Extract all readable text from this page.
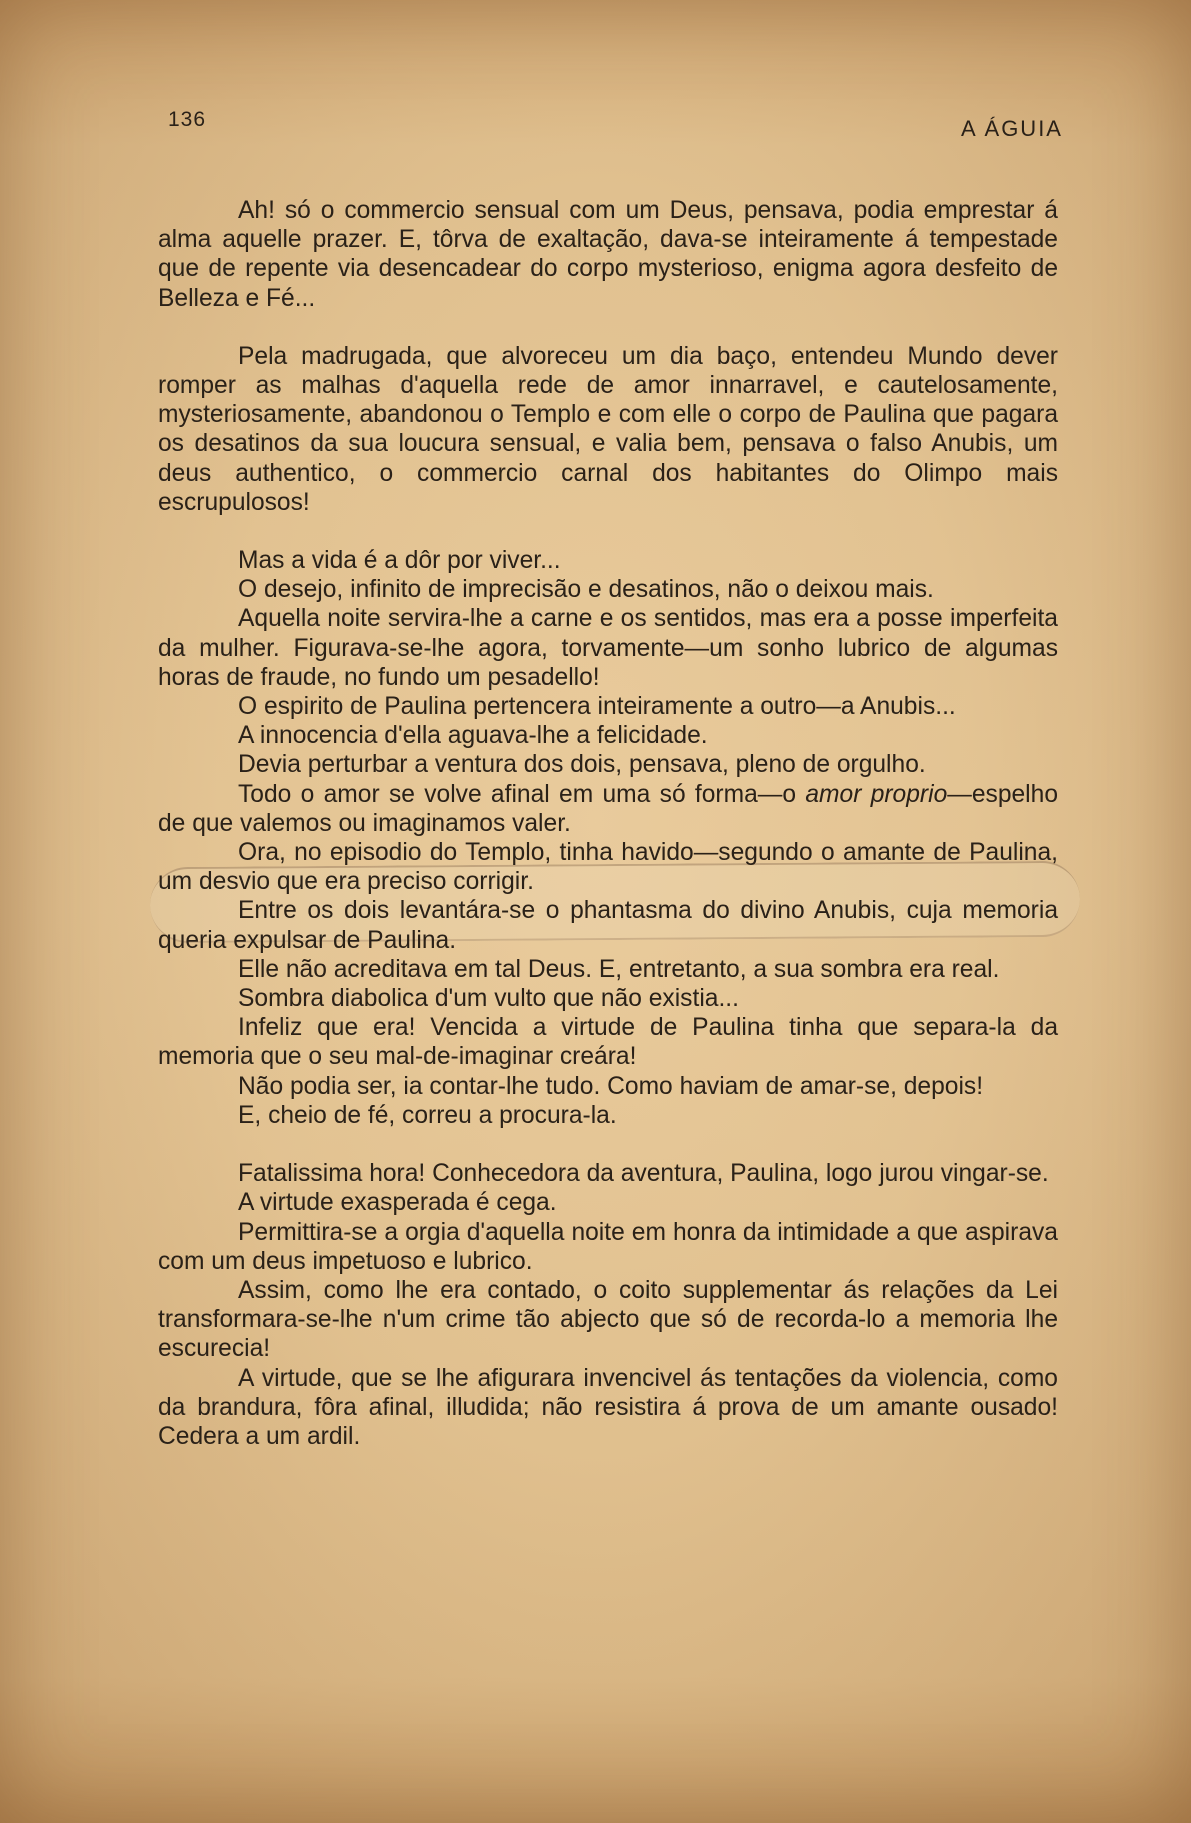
136	A ÁGUIA

Ah! só o commercio sensual com um Deus, pensava, podia emprestar á alma aquelle prazer. E, tôrva de exaltação, dava-se inteiramente á tempestade que de repente via desencadear do corpo mysterioso, enigma agora desfeito de Belleza e Fé...

Pela madrugada, que alvoreceu um dia baço, entendeu Mundo dever romper as malhas d'aquella rede de amor innarravel, e cautelosamente, mysteriosamente, abandonou o Templo e com elle o corpo de Paulina que pagara os desatinos da sua loucura sensual, e valia bem, pensava o falso Anubis, um deus authentico, o commercio carnal dos habitantes do Olimpo mais escrupulosos!

Mas a vida é a dôr por viver...

O desejo, infinito de imprecisão e desatinos, não o deixou mais.

Aquella noite servira-lhe a carne e os sentidos, mas era a posse imperfeita da mulher. Figurava-se-lhe agora, torvamente—um sonho lubrico de algumas horas de fraude, no fundo um pesadello!

O espirito de Paulina pertencera inteiramente a outro—a Anubis...

A innocencia d'ella aguava-lhe a felicidade.

Devia perturbar a ventura dos dois, pensava, pleno de orgulho.

Todo o amor se volve afinal em uma só forma—o amor proprio—espelho de que valemos ou imaginamos valer.

Ora, no episodio do Templo, tinha havido—segundo o amante de Paulina, um desvio que era preciso corrigir.

Entre os dois levantára-se o phantasma do divino Anubis, cuja memoria queria expulsar de Paulina.

Elle não acreditava em tal Deus. E, entretanto, a sua sombra era real.

Sombra diabolica d'um vulto que não existia...

Infeliz que era! Vencida a virtude de Paulina tinha que separa-la da memoria que o seu mal-de-imaginar creára!

Não podia ser, ia contar-lhe tudo. Como haviam de amar-se, depois!

E, cheio de fé, correu a procura-la.

Fatalissima hora! Conhecedora da aventura, Paulina, logo jurou vingar-se.

A virtude exasperada é cega.

Permittira-se a orgia d'aquella noite em honra da intimidade a que aspirava com um deus impetuoso e lubrico.

Assim, como lhe era contado, o coito supplementar ás relações da Lei transformara-se-lhe n'um crime tão abjecto que só de recorda-lo a memoria lhe escurecia!

A virtude, que se lhe afigurara invencivel ás tentações da violencia, como da brandura, fôra afinal, illudida; não resistira á prova de um amante ousado! Cedera a um ardil.
